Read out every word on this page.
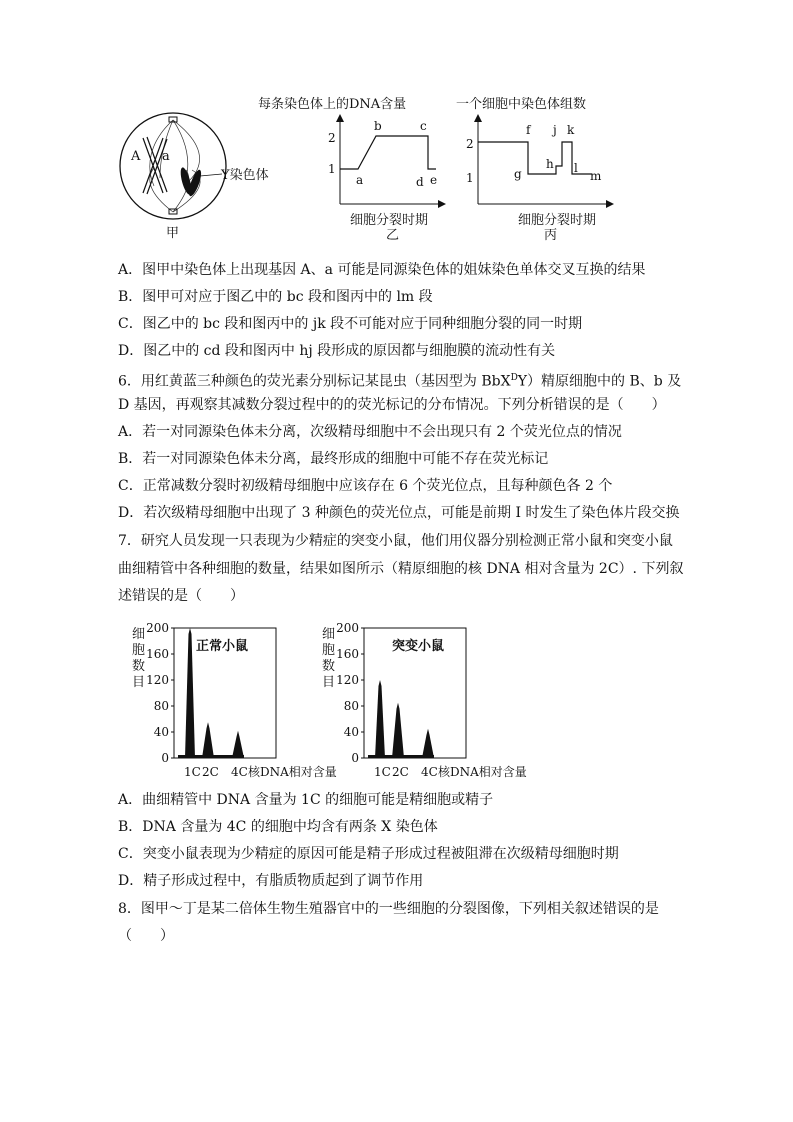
A a
Y染色体
甲
每条染色体上的DNA含量
2
1
a
b	c
d e
细胞分裂时期
乙
一个细胞中染色体组数
2
1
f
g
h
j k
l
m
细胞分裂时期
丙
A．图甲中染色体上出现基因 A、a 可能是同源染色体的姐妹染色单体交叉互换的结果
B．图甲可对应于图乙中的 bc 段和图丙中的 lm 段
C．图乙中的 bc 段和图丙中的 jk 段不可能对应于同种细胞分裂的同一时期
D．图乙中的 cd 段和图丙中 hj 段形成的原因都与细胞膜的流动性有关
6．用红黄蓝三种颜色的荧光素分别标记某昆虫（基因型为 BbX$^D$Y）精原细胞中的 B、b 及
D 基因，再观察其减数分裂过程中的的荧光标记的分布情况。下列分析错误的是（　　）
A．若一对同源染色体未分离，次级精母细胞中不会出现只有 2 个荧光位点的情况
B．若一对同源染色体未分离，最终形成的细胞中可能不存在荧光标记
C．正常减数分裂时初级精母细胞中应该存在 6 个荧光位点，且每种颜色各 2 个
D．若次级精母细胞中出现了 3 种颜色的荧光位点，可能是前期 I 时发生了染色体片段交换
7．研究人员发现一只表现为少精症的突变小鼠，他们用仪器分别检测正常小鼠和突变小鼠
曲细精管中各种细胞的数量，结果如图所示（精原细胞的核 DNA 相对含量为 2C）. 下列叙
述错误的是（　　）
细
胞
数
目
0
40
80
120
160
200
正常小鼠
1C 2C 4C 核DNA相对含量
细
胞
数
目
0
40
80
120
160
200
突变小鼠
1C 2C 4C 核DNA相对含量
A．曲细精管中 DNA 含量为 1C 的细胞可能是精细胞或精子
B．DNA 含量为 4C 的细胞中均含有两条 X 染色体
C．突变小鼠表现为少精症的原因可能是精子形成过程被阻滞在次级精母细胞时期
D．精子形成过程中，有脂质物质起到了调节作用
8．图甲～丁是某二倍体生物生殖器官中的一些细胞的分裂图像，下列相关叙述错误的是
（　　）
